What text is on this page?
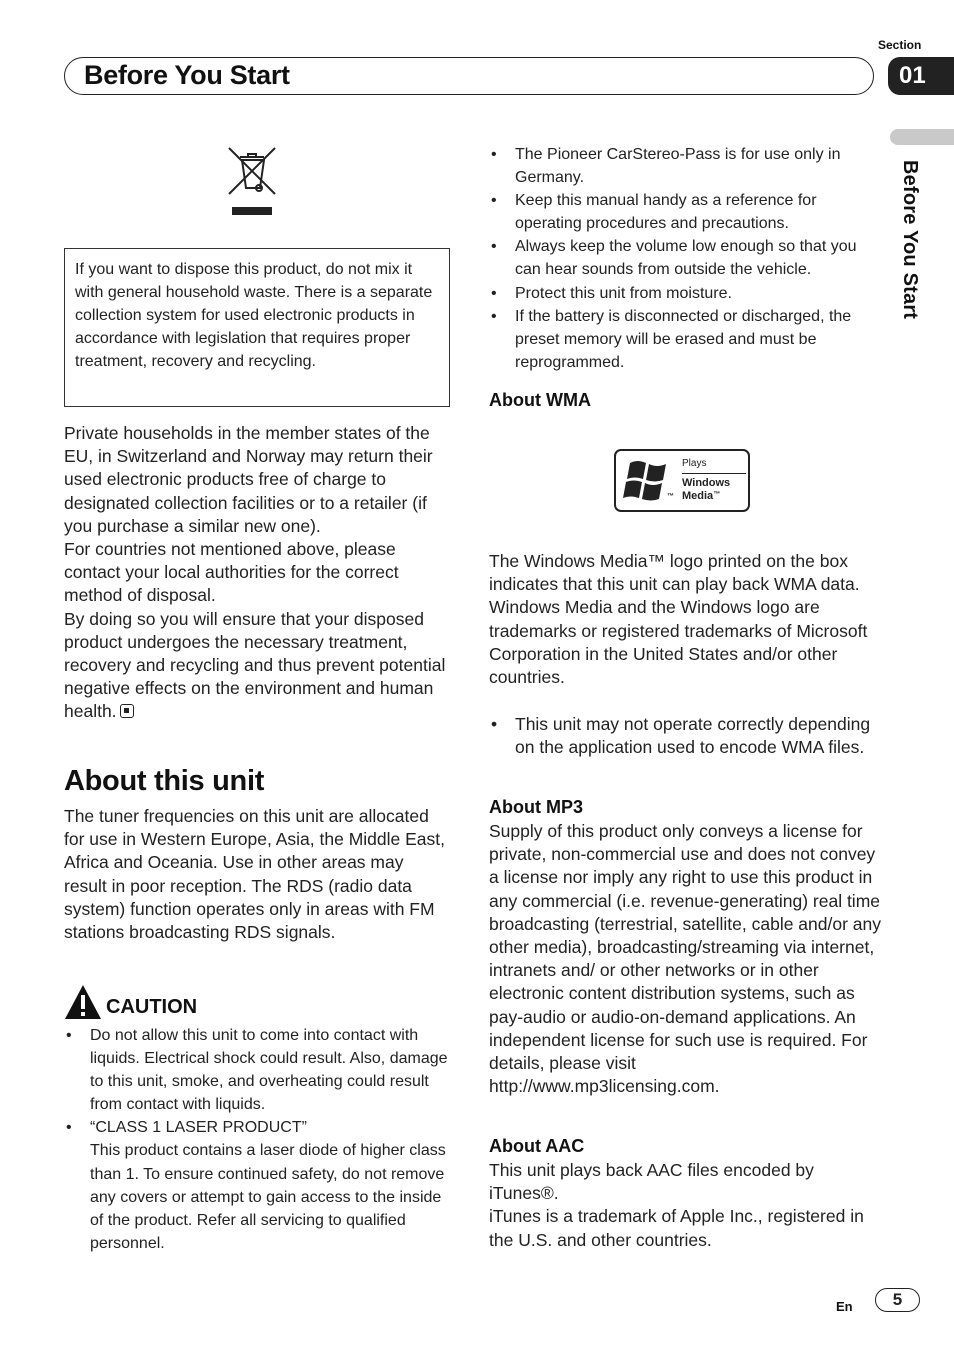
Section
Before You Start	01
Before You Start

If you want to dispose this product, do not mix it with general household waste. There is a separate collection system for used electronic products in accordance with legislation that requires proper treatment, recovery and recycling.

Private households in the member states of the EU, in Switzerland and Norway may return their used electronic products free of charge to designated collection facilities or to a retailer (if you purchase a similar new one).

For countries not mentioned above, please contact your local authorities for the correct method of disposal.

By doing so you will ensure that your disposed product undergoes the necessary treatment, recovery and recycling and thus prevent potential negative effects on the environment and human health.

About this unit
The tuner frequencies on this unit are allocated for use in Western Europe, Asia, the Middle East, Africa and Oceania. Use in other areas may result in poor reception. The RDS (radio data system) function operates only in areas with FM stations broadcasting RDS signals.
CAUTION
• Do not allow this unit to come into contact with liquids. Electrical shock could result. Also, damage to this unit, smoke, and overheating could result from contact with liquids.
• “CLASS 1 LASER PRODUCT”

This product contains a laser diode of higher class than 1. To ensure continued safety, do not remove any covers or attempt to gain access to the inside of the product. Refer all servicing to qualified personnel.

• The Pioneer CarStereo-Pass is for use only in Germany.
• Keep this manual handy as a reference for operating procedures and precautions.
• Always keep the volume low enough so that you can hear sounds from outside the vehicle.
• Protect this unit from moisture.
• If the battery is disconnected or discharged, the preset memory will be erased and must be reprogrammed.
About WMA
™
Plays
Windows
Media™

The Windows Media™ logo printed on the box indicates that this unit can play back WMA data.

Windows Media and the Windows logo are trademarks or registered trademarks of Microsoft Corporation in the United States and/or other countries.

• This unit may not operate correctly depending on the application used to encode WMA files.
About MP3

Supply of this product only conveys a license for private, non-commercial use and does not convey a license nor imply any right to use this product in any commercial (i.e. revenue-generating) real time broadcasting (terrestrial, satellite, cable and/or any other media), broadcasting/streaming via internet, intranets and/ or other networks or in other electronic content distribution systems, such as pay-audio or audio-on-demand applications. An independent license for such use is required. For details, please visit

http://www.mp3licensing.com.

About AAC

This unit plays back AAC files encoded by iTunes®.

iTunes is a trademark of Apple Inc., registered in the U.S. and other countries.

En 5
